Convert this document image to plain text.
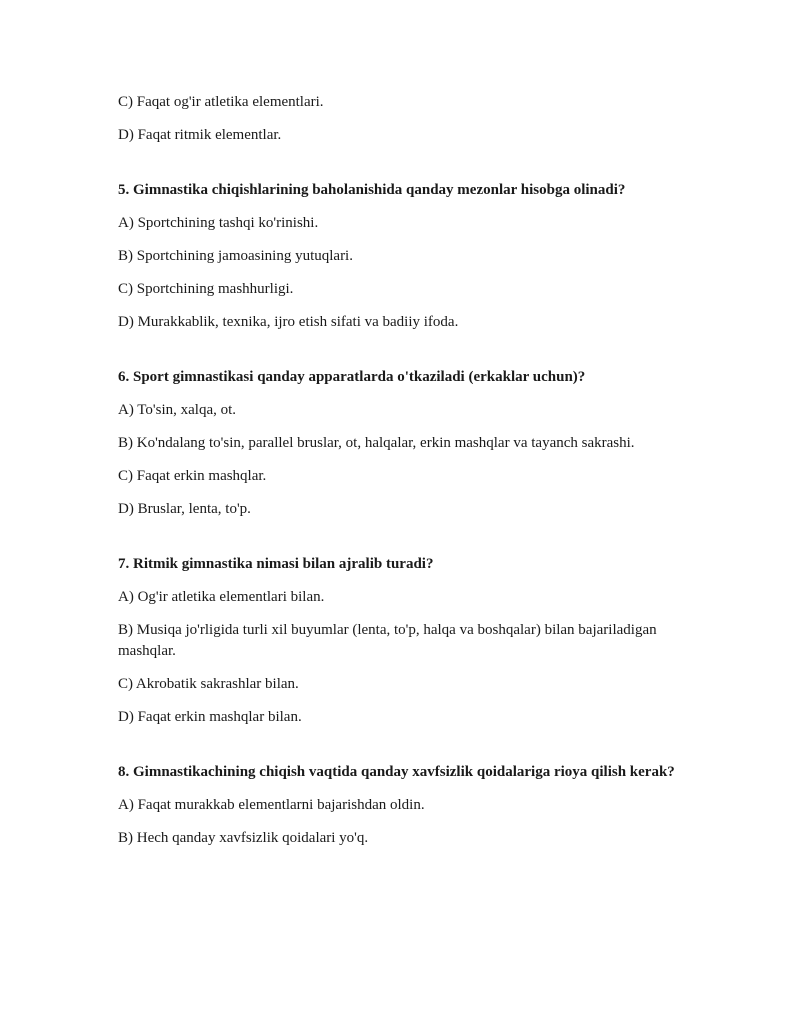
C) Faqat og'ir atletika elementlari.

D) Faqat ritmik elementlar.

5. Gimnastika chiqishlarining baholanishida qanday mezonlar hisobga olinadi?

A) Sportchining tashqi ko'rinishi.

B) Sportchining jamoasining yutuqlari.

C) Sportchining mashhurligi.

D) Murakkablik, texnika, ijro etish sifati va badiiy ifoda.

6. Sport gimnastikasi qanday apparatlarda o'tkaziladi (erkaklar uchun)?

A) To'sin, xalqa, ot.

B) Ko'ndalang to'sin, parallel bruslar, ot, halqalar, erkin mashqlar va tayanch sakrashi.

C) Faqat erkin mashqlar.

D) Bruslar, lenta, to'p.

7. Ritmik gimnastika nimasi bilan ajralib turadi?

A) Og'ir atletika elementlari bilan.

B) Musiqa jo'rligida turli xil buyumlar (lenta, to'p, halqa va boshqalar) bilan bajariladigan mashqlar.

C) Akrobatik sakrashlar bilan.

D) Faqat erkin mashqlar bilan.

8. Gimnastikachining chiqish vaqtida qanday xavfsizlik qoidalariga rioya qilish kerak?

A) Faqat murakkab elementlarni bajarishdan oldin.

B) Hech qanday xavfsizlik qoidalari yo'q.
